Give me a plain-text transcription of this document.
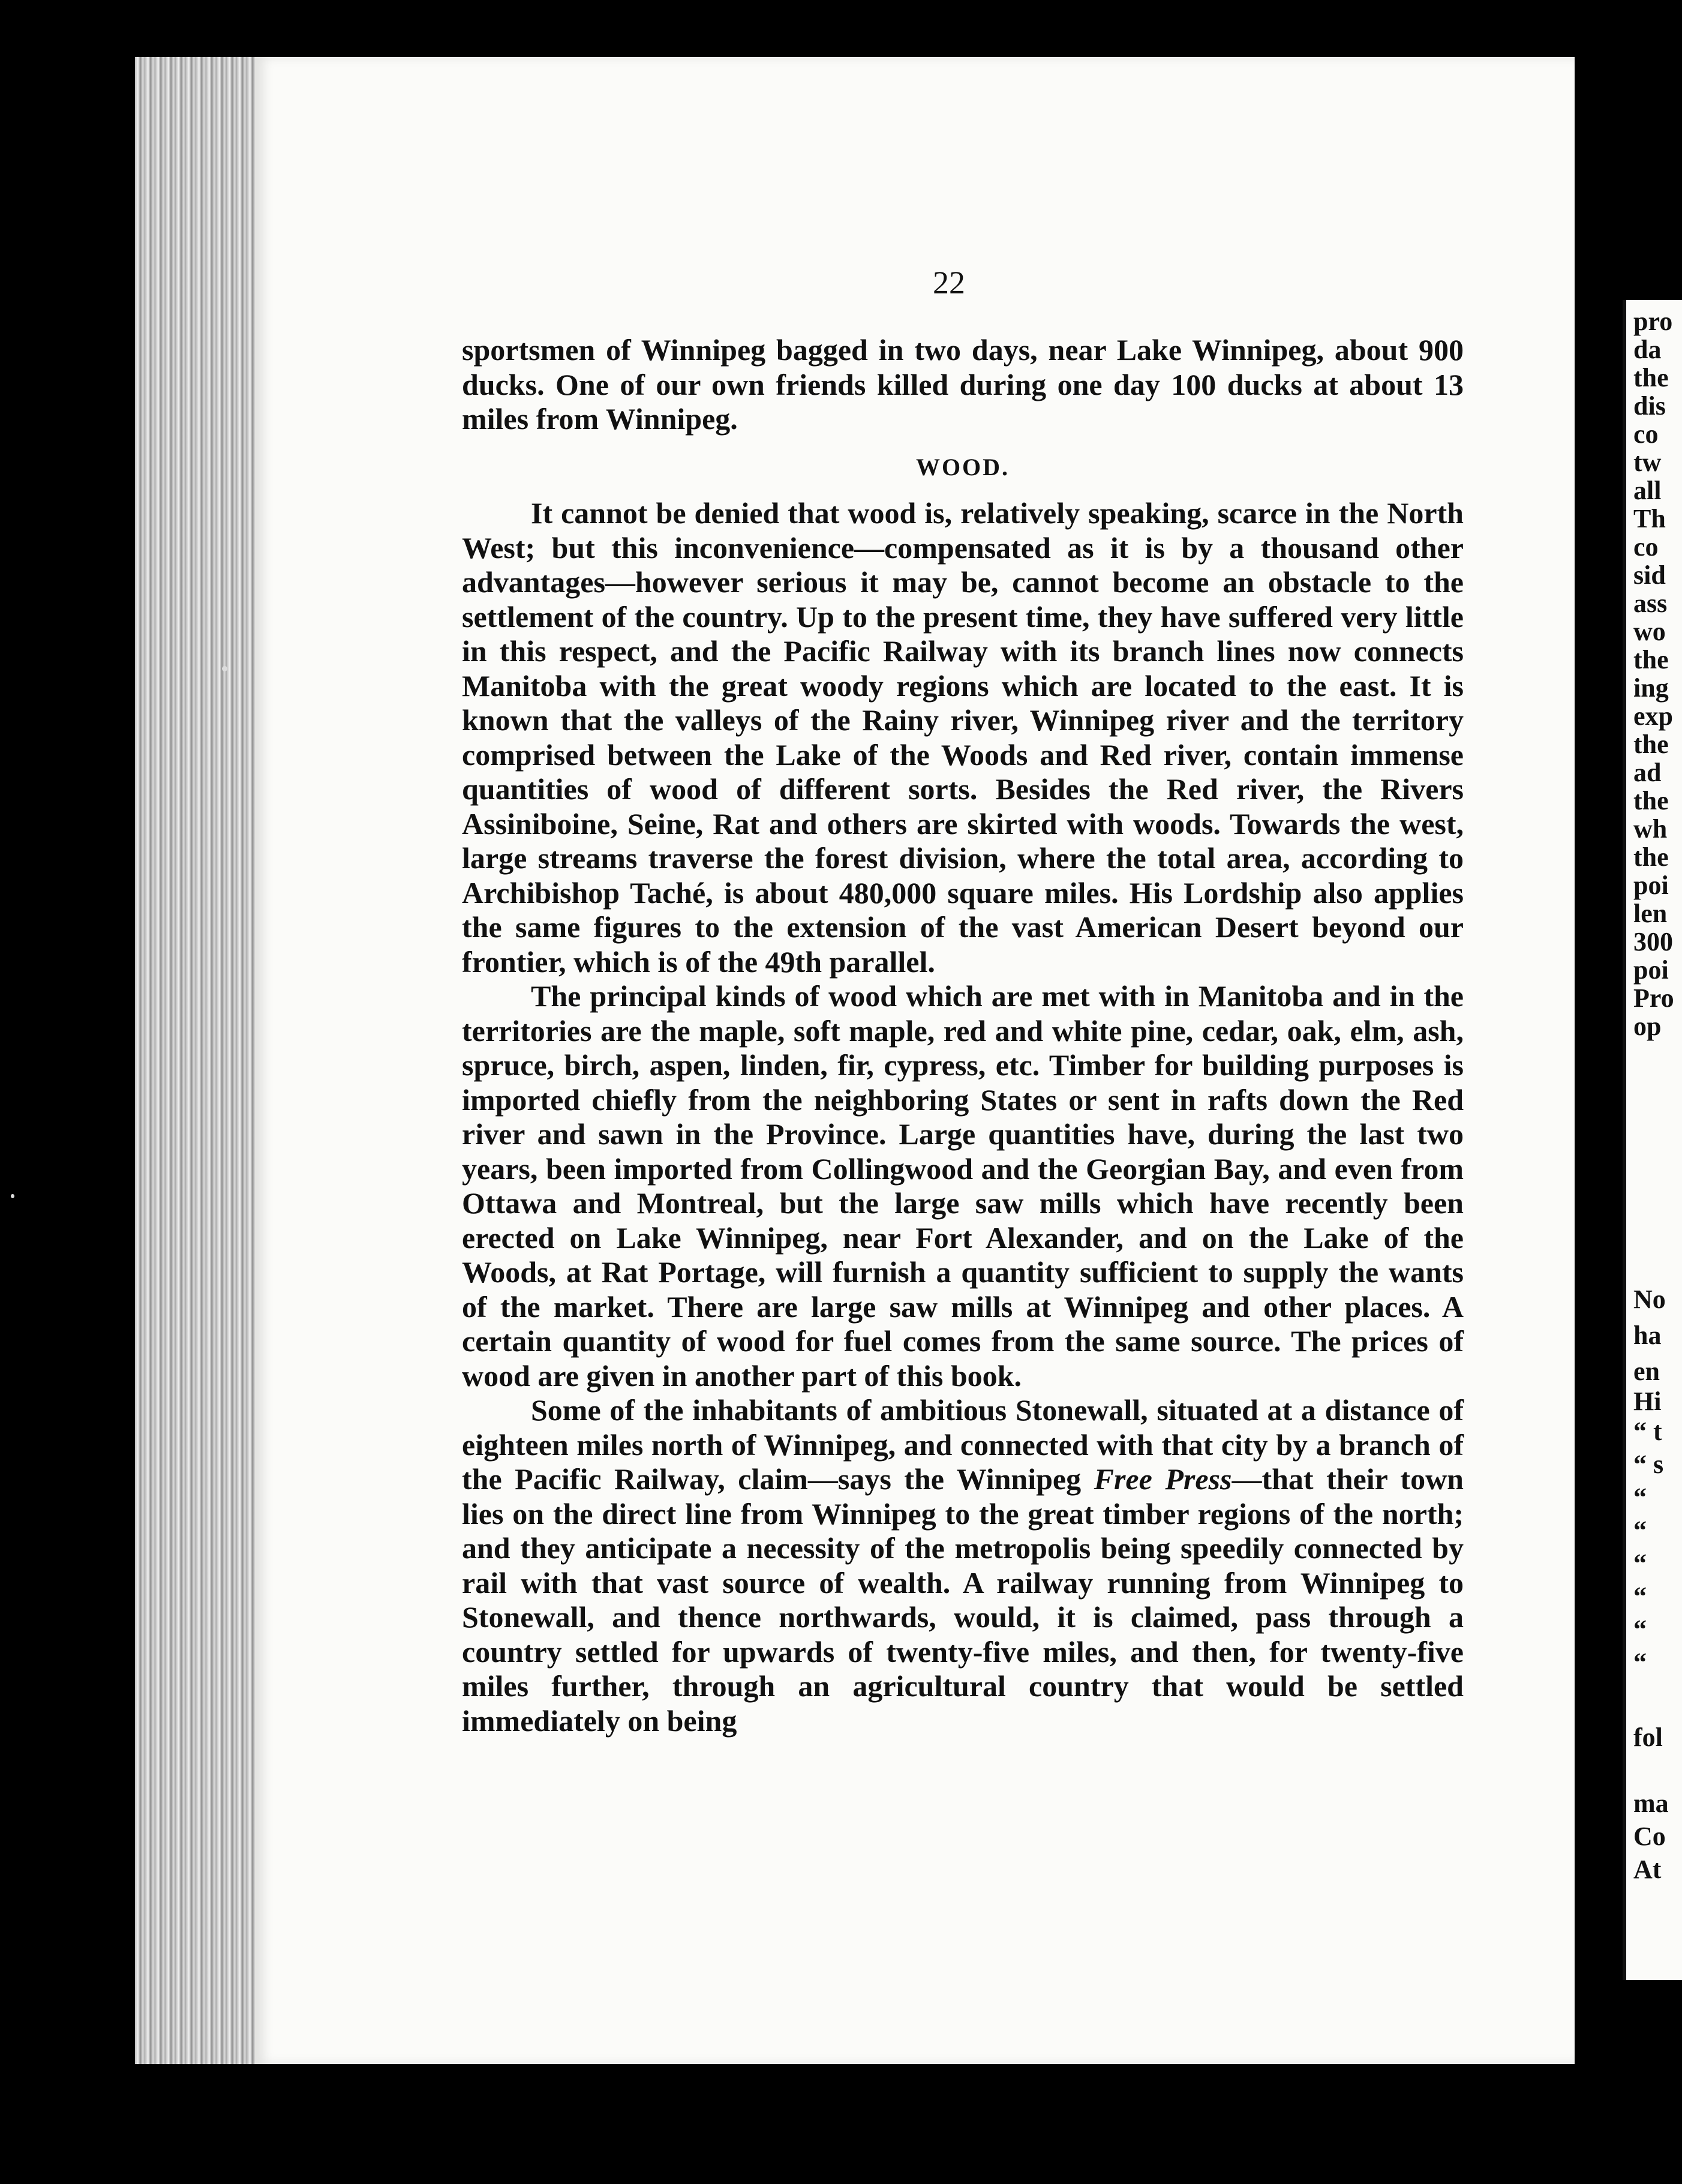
pro

da

the

dis

co

tw

all

Th

co

sid

ass

wo

the

ing

exp

the

ad

the

wh

the

poi

len

300

poi

Pro

op

No

ha

en

Hi

“ t

“ s

“

“

“

“

“

“

fol

ma

Co

At

22

sportsmen of Winnipeg bagged in two days, near Lake Winnipeg, about 900 ducks. One of our own friends killed during one day 100 ducks at about 13 miles from Winnipeg.

WOOD.

It cannot be denied that wood is, relatively speaking, scarce in the North West; but this inconvenience—compensated as it is by a thousand other advantages—however serious it may be, cannot become an obstacle to the settlement of the country. Up to the present time, they have suffered very little in this respect, and the Pacific Railway with its branch lines now connects Manitoba with the great woody regions which are located to the east. It is known that the valleys of the Rainy river, Winnipeg river and the territory comprised between the Lake of the Woods and Red river, contain immense quantities of wood of different sorts. Besides the Red river, the Rivers Assiniboine, Seine, Rat and others are skirted with woods. Towards the west, large streams traverse the forest division, where the total area, according to Archibishop Taché, is about 480,000 square miles. His Lordship also applies the same figures to the extension of the vast American Desert beyond our frontier, which is of the 49th parallel.

The principal kinds of wood which are met with in Manitoba and in the territories are the maple, soft maple, red and white pine, cedar, oak, elm, ash, spruce, birch, aspen, linden, fir, cypress, etc. Timber for building purposes is imported chiefly from the neighboring States or sent in rafts down the Red river and sawn in the Province. Large quantities have, during the last two years, been imported from Collingwood and the Georgian Bay, and even from Ottawa and Montreal, but the large saw mills which have recently been erected on Lake Winnipeg, near Fort Alexander, and on the Lake of the Woods, at Rat Portage, will furnish a quantity sufficient to supply the wants of the market. There are large saw mills at Winnipeg and other places. A certain quantity of wood for fuel comes from the same source. The prices of wood are given in another part of this book.

Some of the inhabitants of ambitious Stonewall, situated at a distance of eighteen miles north of Winnipeg, and connected with that city by a branch of the Pacific Railway, claim—says the Winnipeg Free Press—that their town lies on the direct line from Winnipeg to the great timber regions of the north; and they anticipate a necessity of the metropolis being speedily connected by rail with that vast source of wealth. A railway running from Winnipeg to Stonewall, and thence northwards, would, it is claimed, pass through a country settled for upwards of twenty-five miles, and then, for twenty-five miles further, through an agricultural country that would be settled immediately on being
